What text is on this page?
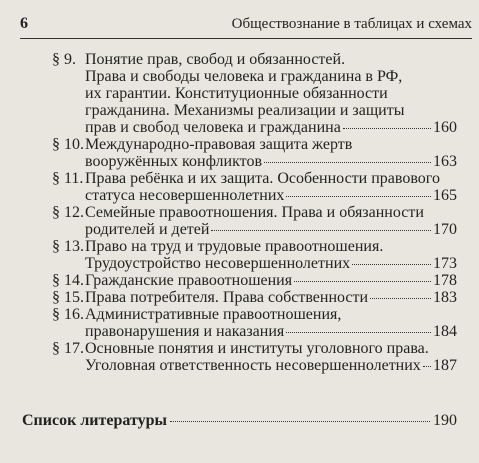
6	Обществознание в таблицах и схемах
§ 9. Понятие прав, свобод и обязанностей.
Права и свободы человека и гражданина в РФ,
их гарантии. Конституционные обязанности
гражданина. Механизмы реализации и защиты
прав и свобод человека и гражданина	160
§ 10. Международно-правовая защита жертв
вооружённых конфликтов	163
§ 11. Права ребёнка и их защита. Особенности правового
статуса несовершеннолетних	165
§ 12. Семейные правоотношения. Права и обязанности
родителей и детей	170
§ 13. Право на труд и трудовые правоотношения.
Трудоустройство несовершеннолетних	173
§ 14. Гражданские правоотношения	178
§ 15. Права потребителя. Права собственности	183
§ 16. Административные правоотношения,
правонарушения и наказания	184
§ 17. Основные понятия и институты уголовного права.
Уголовная ответственность несовершеннолетних 187
Список литературы	190
